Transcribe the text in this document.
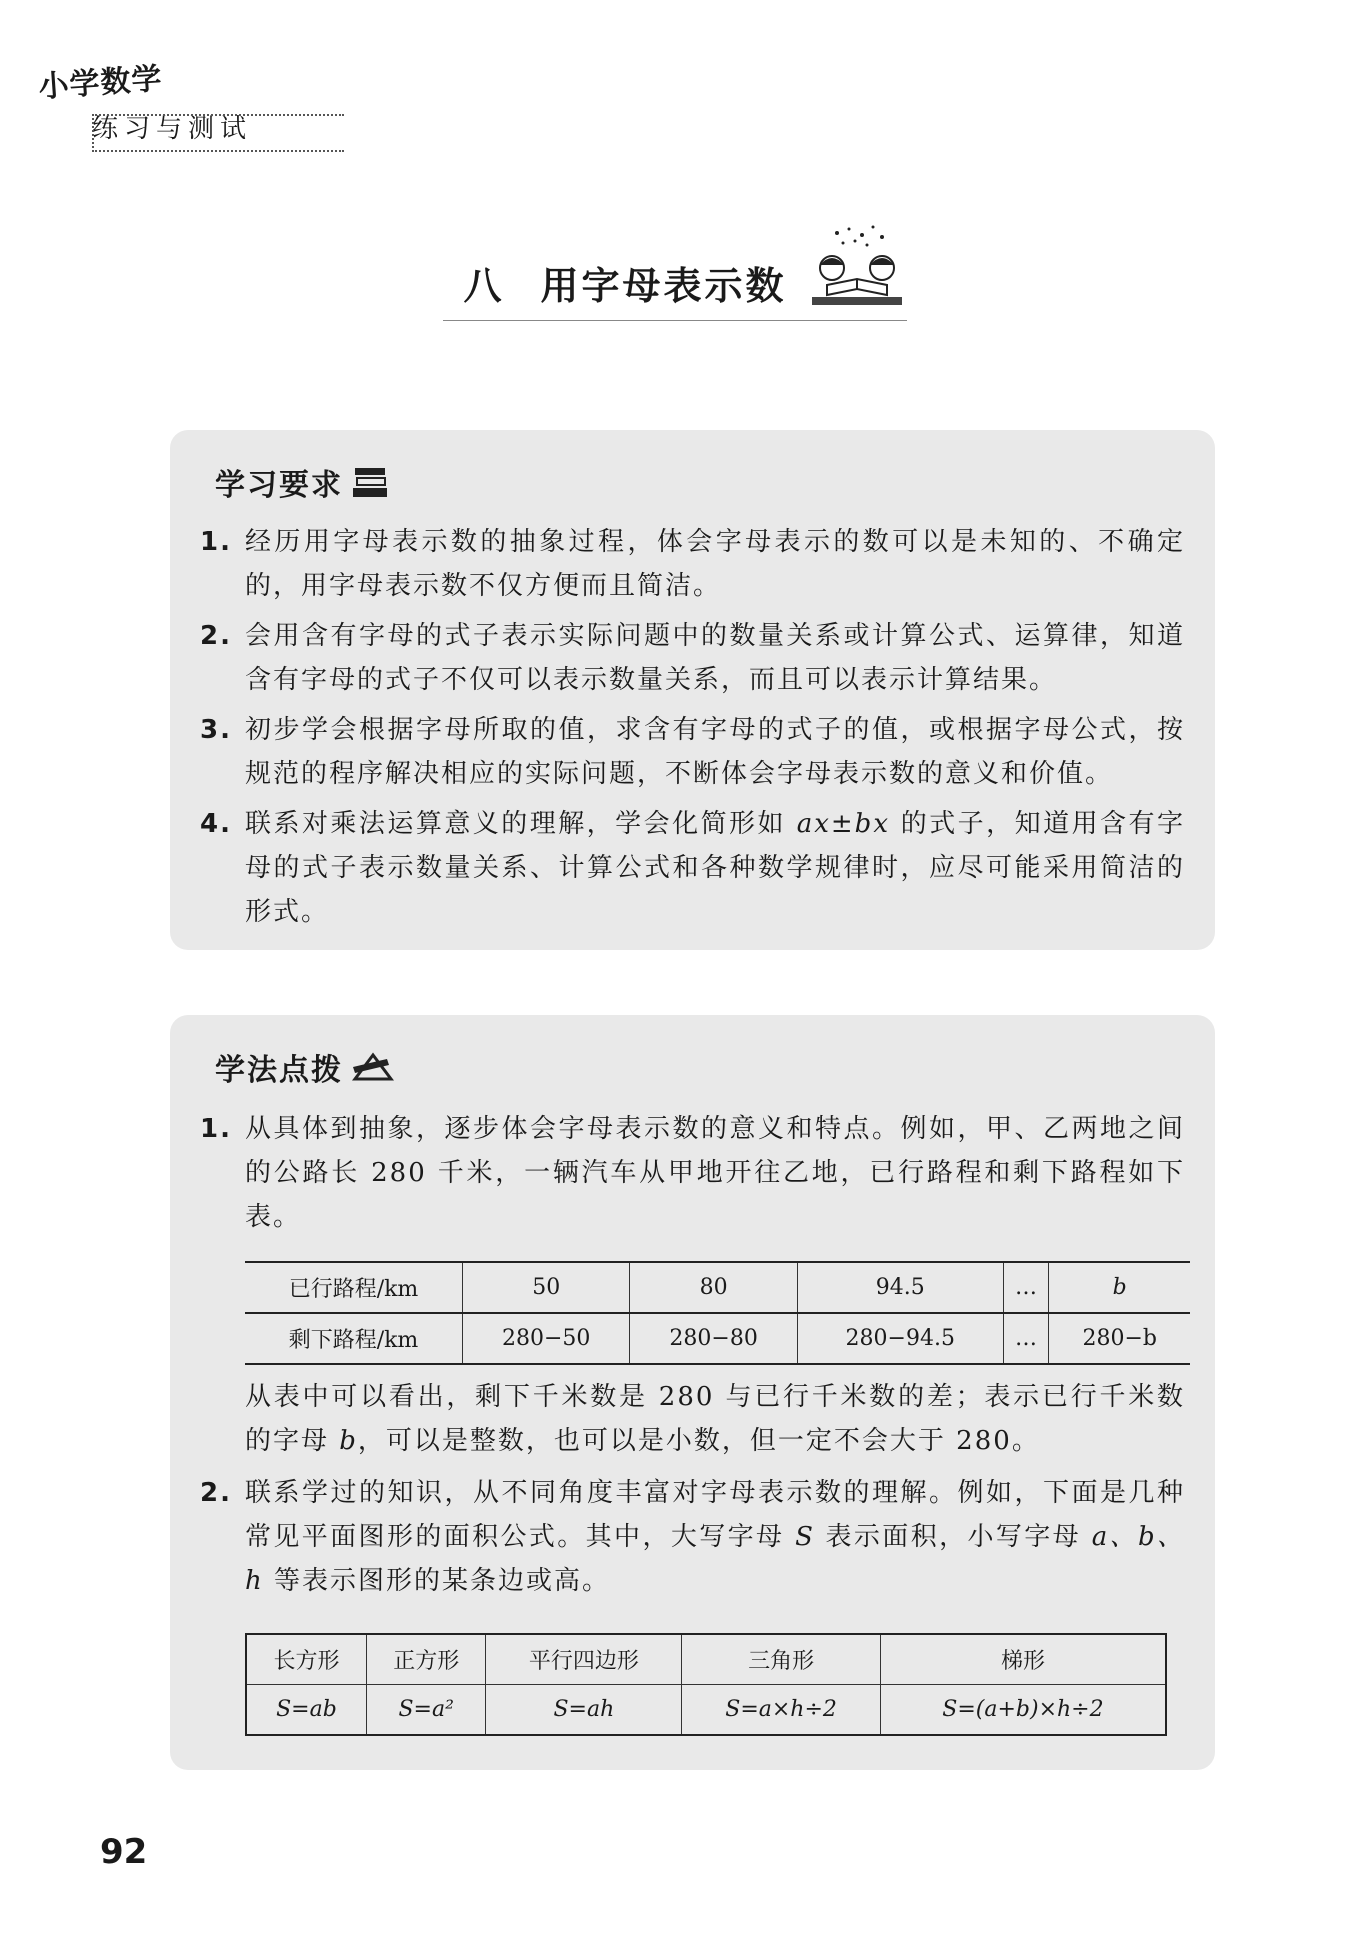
小学数学
练习与测试
八 用字母表示数
学习要求
1. 经历用字母表示数的抽象过程，体会字母表示的数可以是未知的、不确定的，用字母表示数不仅方便而且简洁。
2. 会用含有字母的式子表示实际问题中的数量关系或计算公式、运算律，知道含有字母的式子不仅可以表示数量关系，而且可以表示计算结果。
3. 初步学会根据字母所取的值，求含有字母的式子的值，或根据字母公式，按规范的程序解决相应的实际问题，不断体会字母表示数的意义和价值。
4. 联系对乘法运算意义的理解，学会化简形如 ax±bx 的式子，知道用含有字母的式子表示数量关系、计算公式和各种数学规律时，应尽可能采用简洁的形式。
学法点拨
1. 从具体到抽象，逐步体会字母表示数的意义和特点。例如，甲、乙两地之间的公路长 280 千米，一辆汽车从甲地开往乙地，已行路程和剩下路程如下表。
已行路程/km	50	80	94.5	…	b
剩下路程/km	280−50	280−80	280−94.5	…	280−b
从表中可以看出，剩下千米数是 280 与已行千米数的差；表示已行千米数的字母 b，可以是整数，也可以是小数，但一定不会大于 280。
2. 联系学过的知识，从不同角度丰富对字母表示数的理解。例如，下面是几种常见平面图形的面积公式。其中，大写字母 S 表示面积，小写字母 a、b、h 等表示图形的某条边或高。
长方形	正方形	平行四边形	三角形	梯形
S=ab	S=a²	S=ah	S=a×h÷2	S=(a+b)×h÷2
92
